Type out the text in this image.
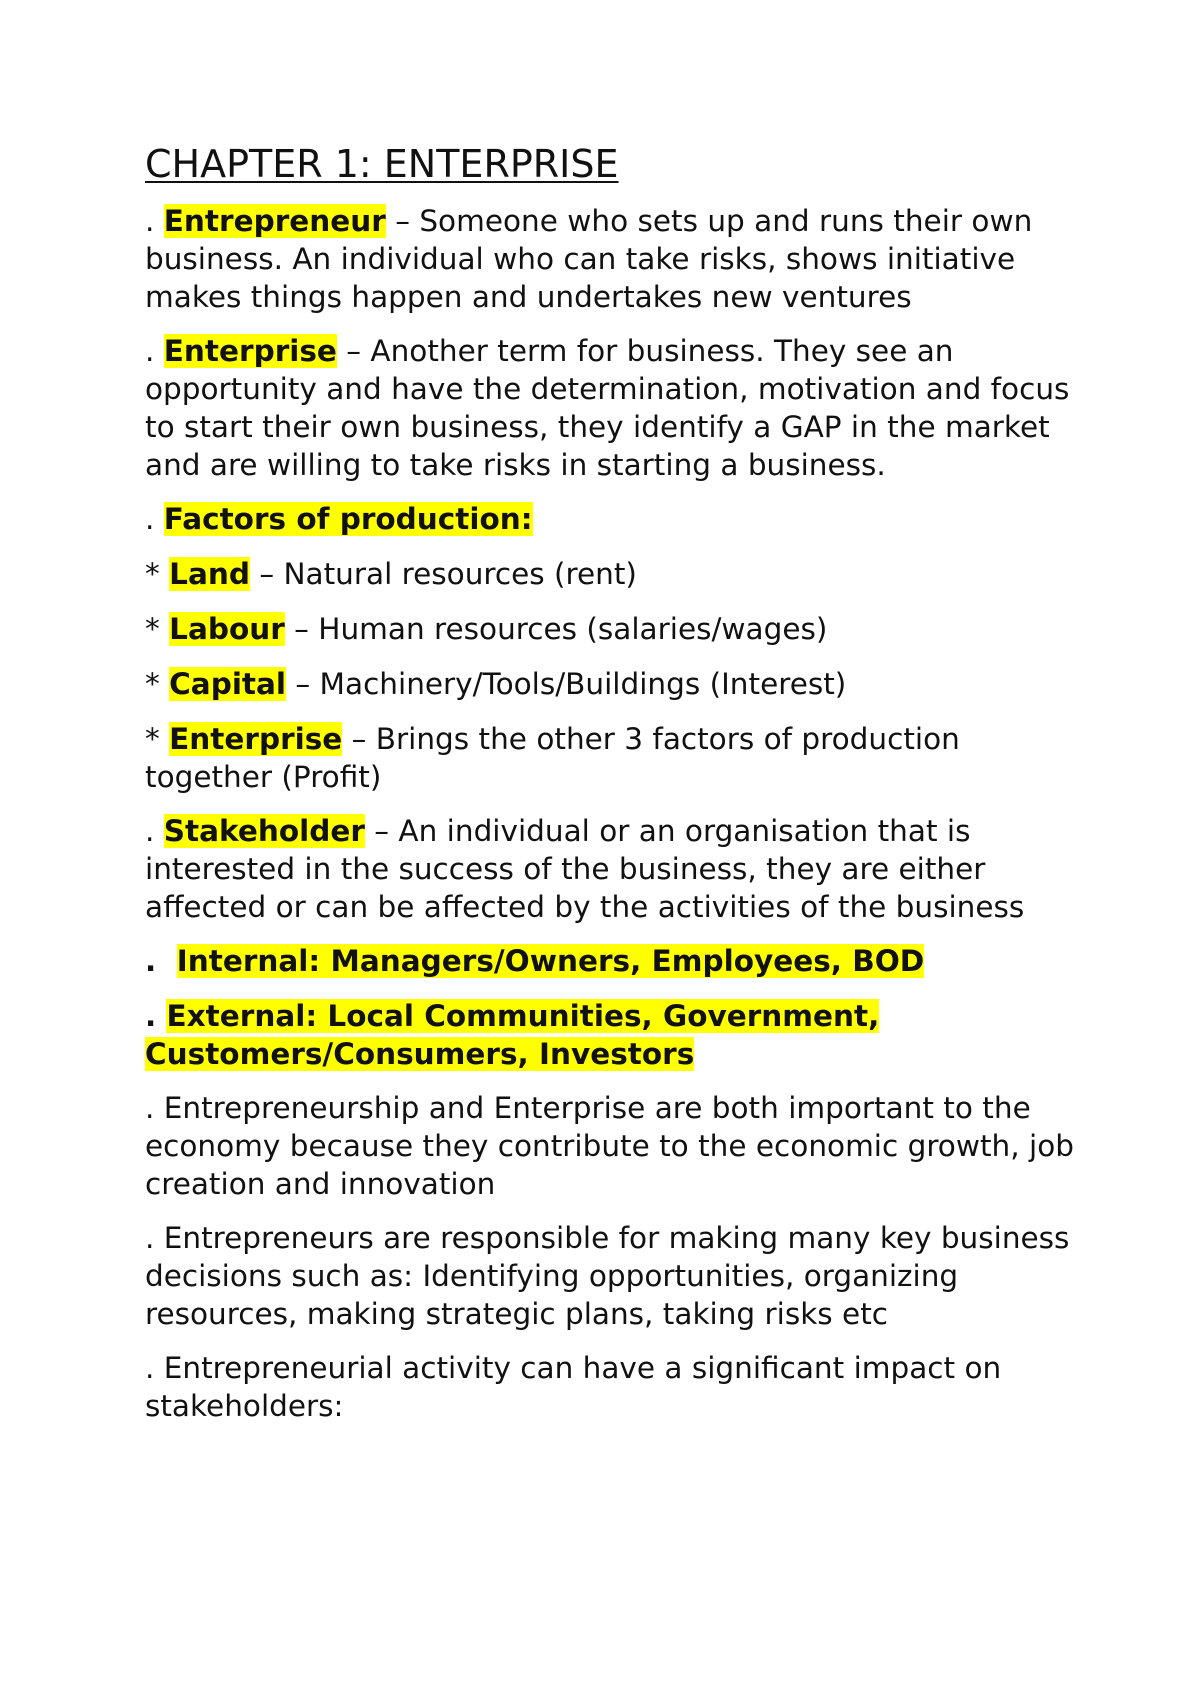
CHAPTER 1: ENTERPRISE

. Entrepreneur – Someone who sets up and runs their own business. An individual who can take risks, shows initiative makes things happen and undertakes new ventures

. Enterprise – Another term for business. They see an opportunity and have the determination, motivation and focus to start their own business, they identify a GAP in the market and are willing to take risks in starting a business.

. Factors of production:

* Land – Natural resources (rent)

* Labour – Human resources (salaries/wages)

* Capital – Machinery/Tools/Buildings (Interest)

* Enterprise – Brings the other 3 factors of production together (Profit)

. Stakeholder – An individual or an organisation that is interested in the success of the business, they are either affected or can be affected by the activities of the business

.  Internal: Managers/Owners, Employees, BOD

. External: Local Communities, Government, Customers/Consumers, Investors

. Entrepreneurship and Enterprise are both important to the economy because they contribute to the economic growth, job creation and innovation

. Entrepreneurs are responsible for making many key business decisions such as: Identifying opportunities, organizing resources, making strategic plans, taking risks etc

. Entrepreneurial activity can have a significant impact on stakeholders:
